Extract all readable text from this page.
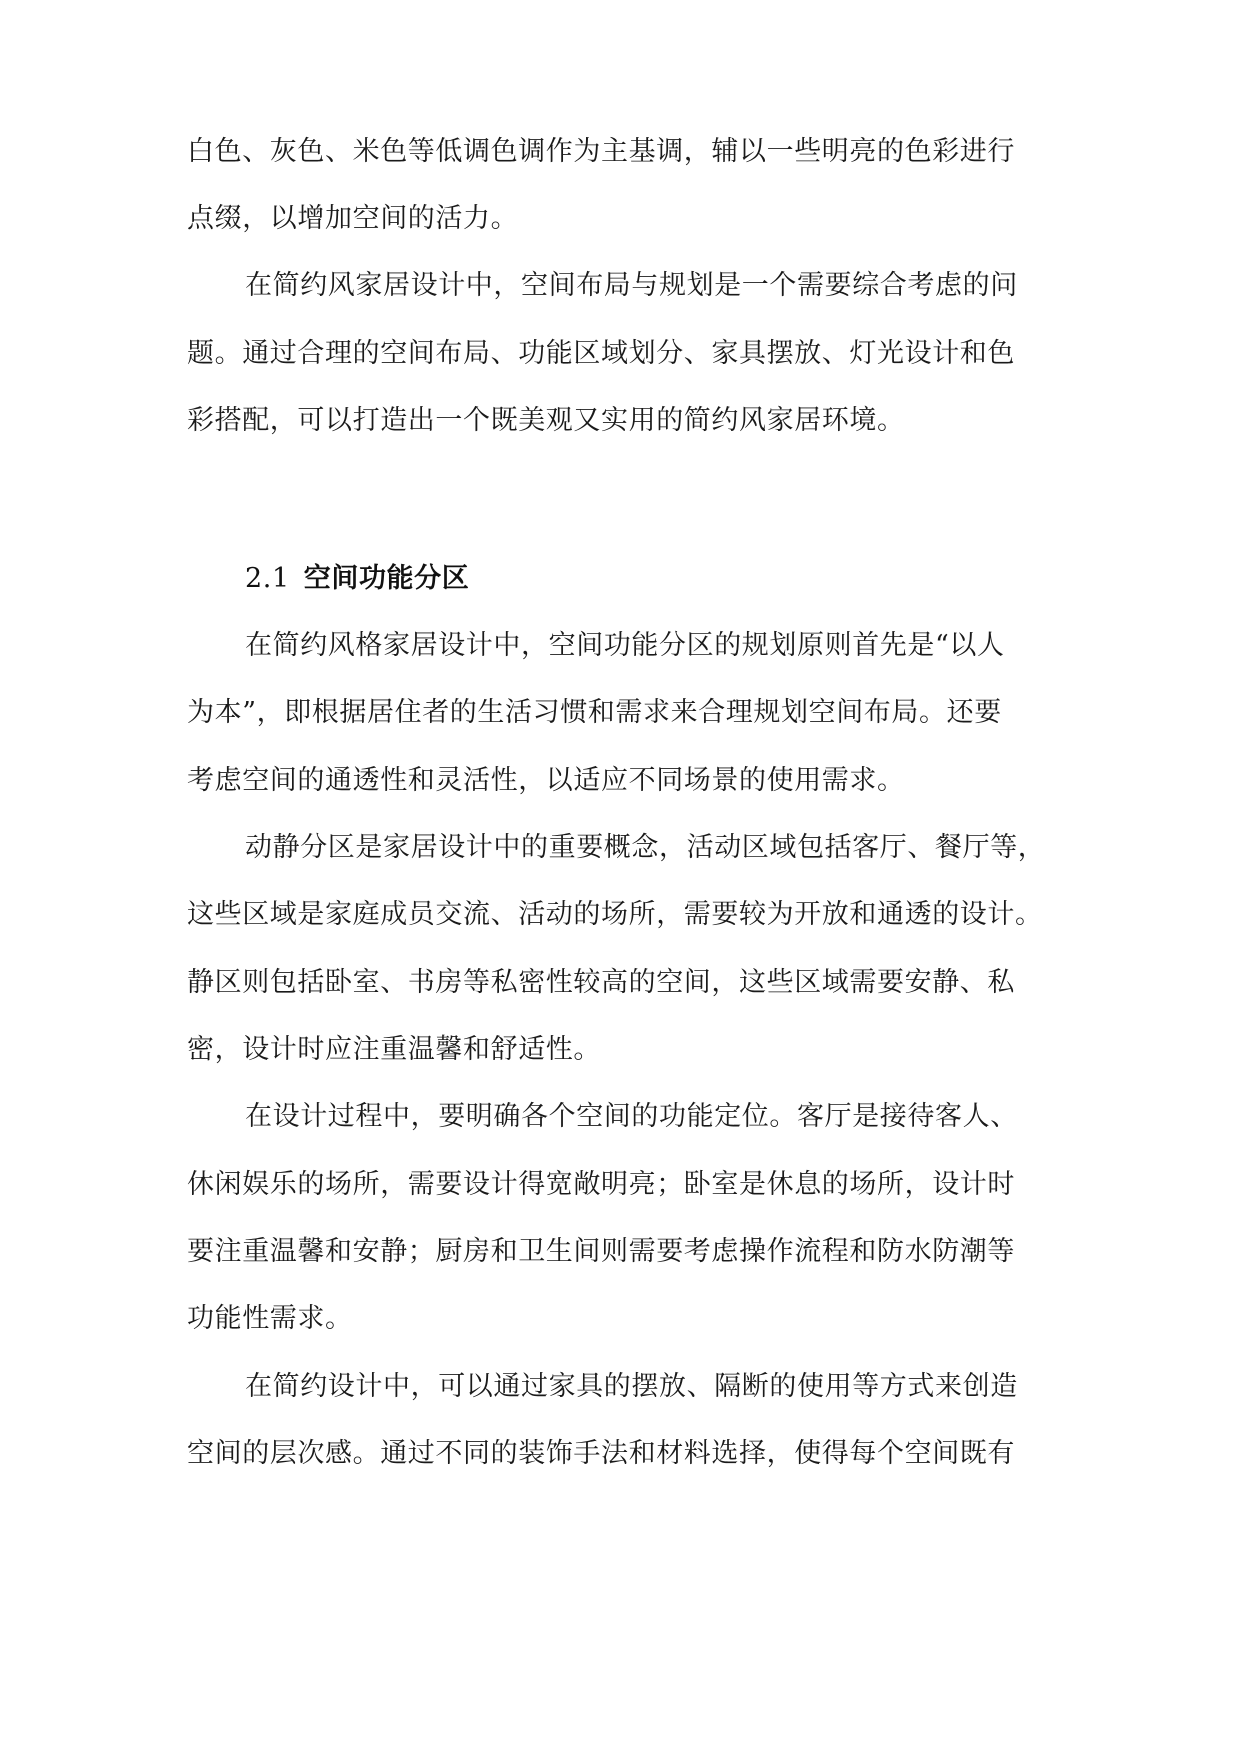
白色、灰色、米色等低调色调作为主基调，辅以一些明亮的色彩进行
点缀，以增加空间的活力。
在简约风家居设计中，空间布局与规划是一个需要综合考虑的问
题。通过合理的空间布局、功能区域划分、家具摆放、灯光设计和色
彩搭配，可以打造出一个既美观又实用的简约风家居环境。
在简约风格家居设计中，空间功能分区的规划原则首先是“以人
为本”，即根据居住者的生活习惯和需求来合理规划空间布局。还要
考虑空间的通透性和灵活性，以适应不同场景的使用需求。
动静分区是家居设计中的重要概念，活动区域包括客厅、餐厅等，
这些区域是家庭成员交流、活动的场所，需要较为开放和通透的设计。
静区则包括卧室、书房等私密性较高的空间，这些区域需要安静、私
密，设计时应注重温馨和舒适性。
在设计过程中，要明确各个空间的功能定位。客厅是接待客人、
休闲娱乐的场所，需要设计得宽敞明亮；卧室是休息的场所，设计时
要注重温馨和安静；厨房和卫生间则需要考虑操作流程和防水防潮等
功能性需求。
在简约设计中，可以通过家具的摆放、隔断的使用等方式来创造
空间的层次感。通过不同的装饰手法和材料选择，使得每个空间既有
2.1 空间功能分区
